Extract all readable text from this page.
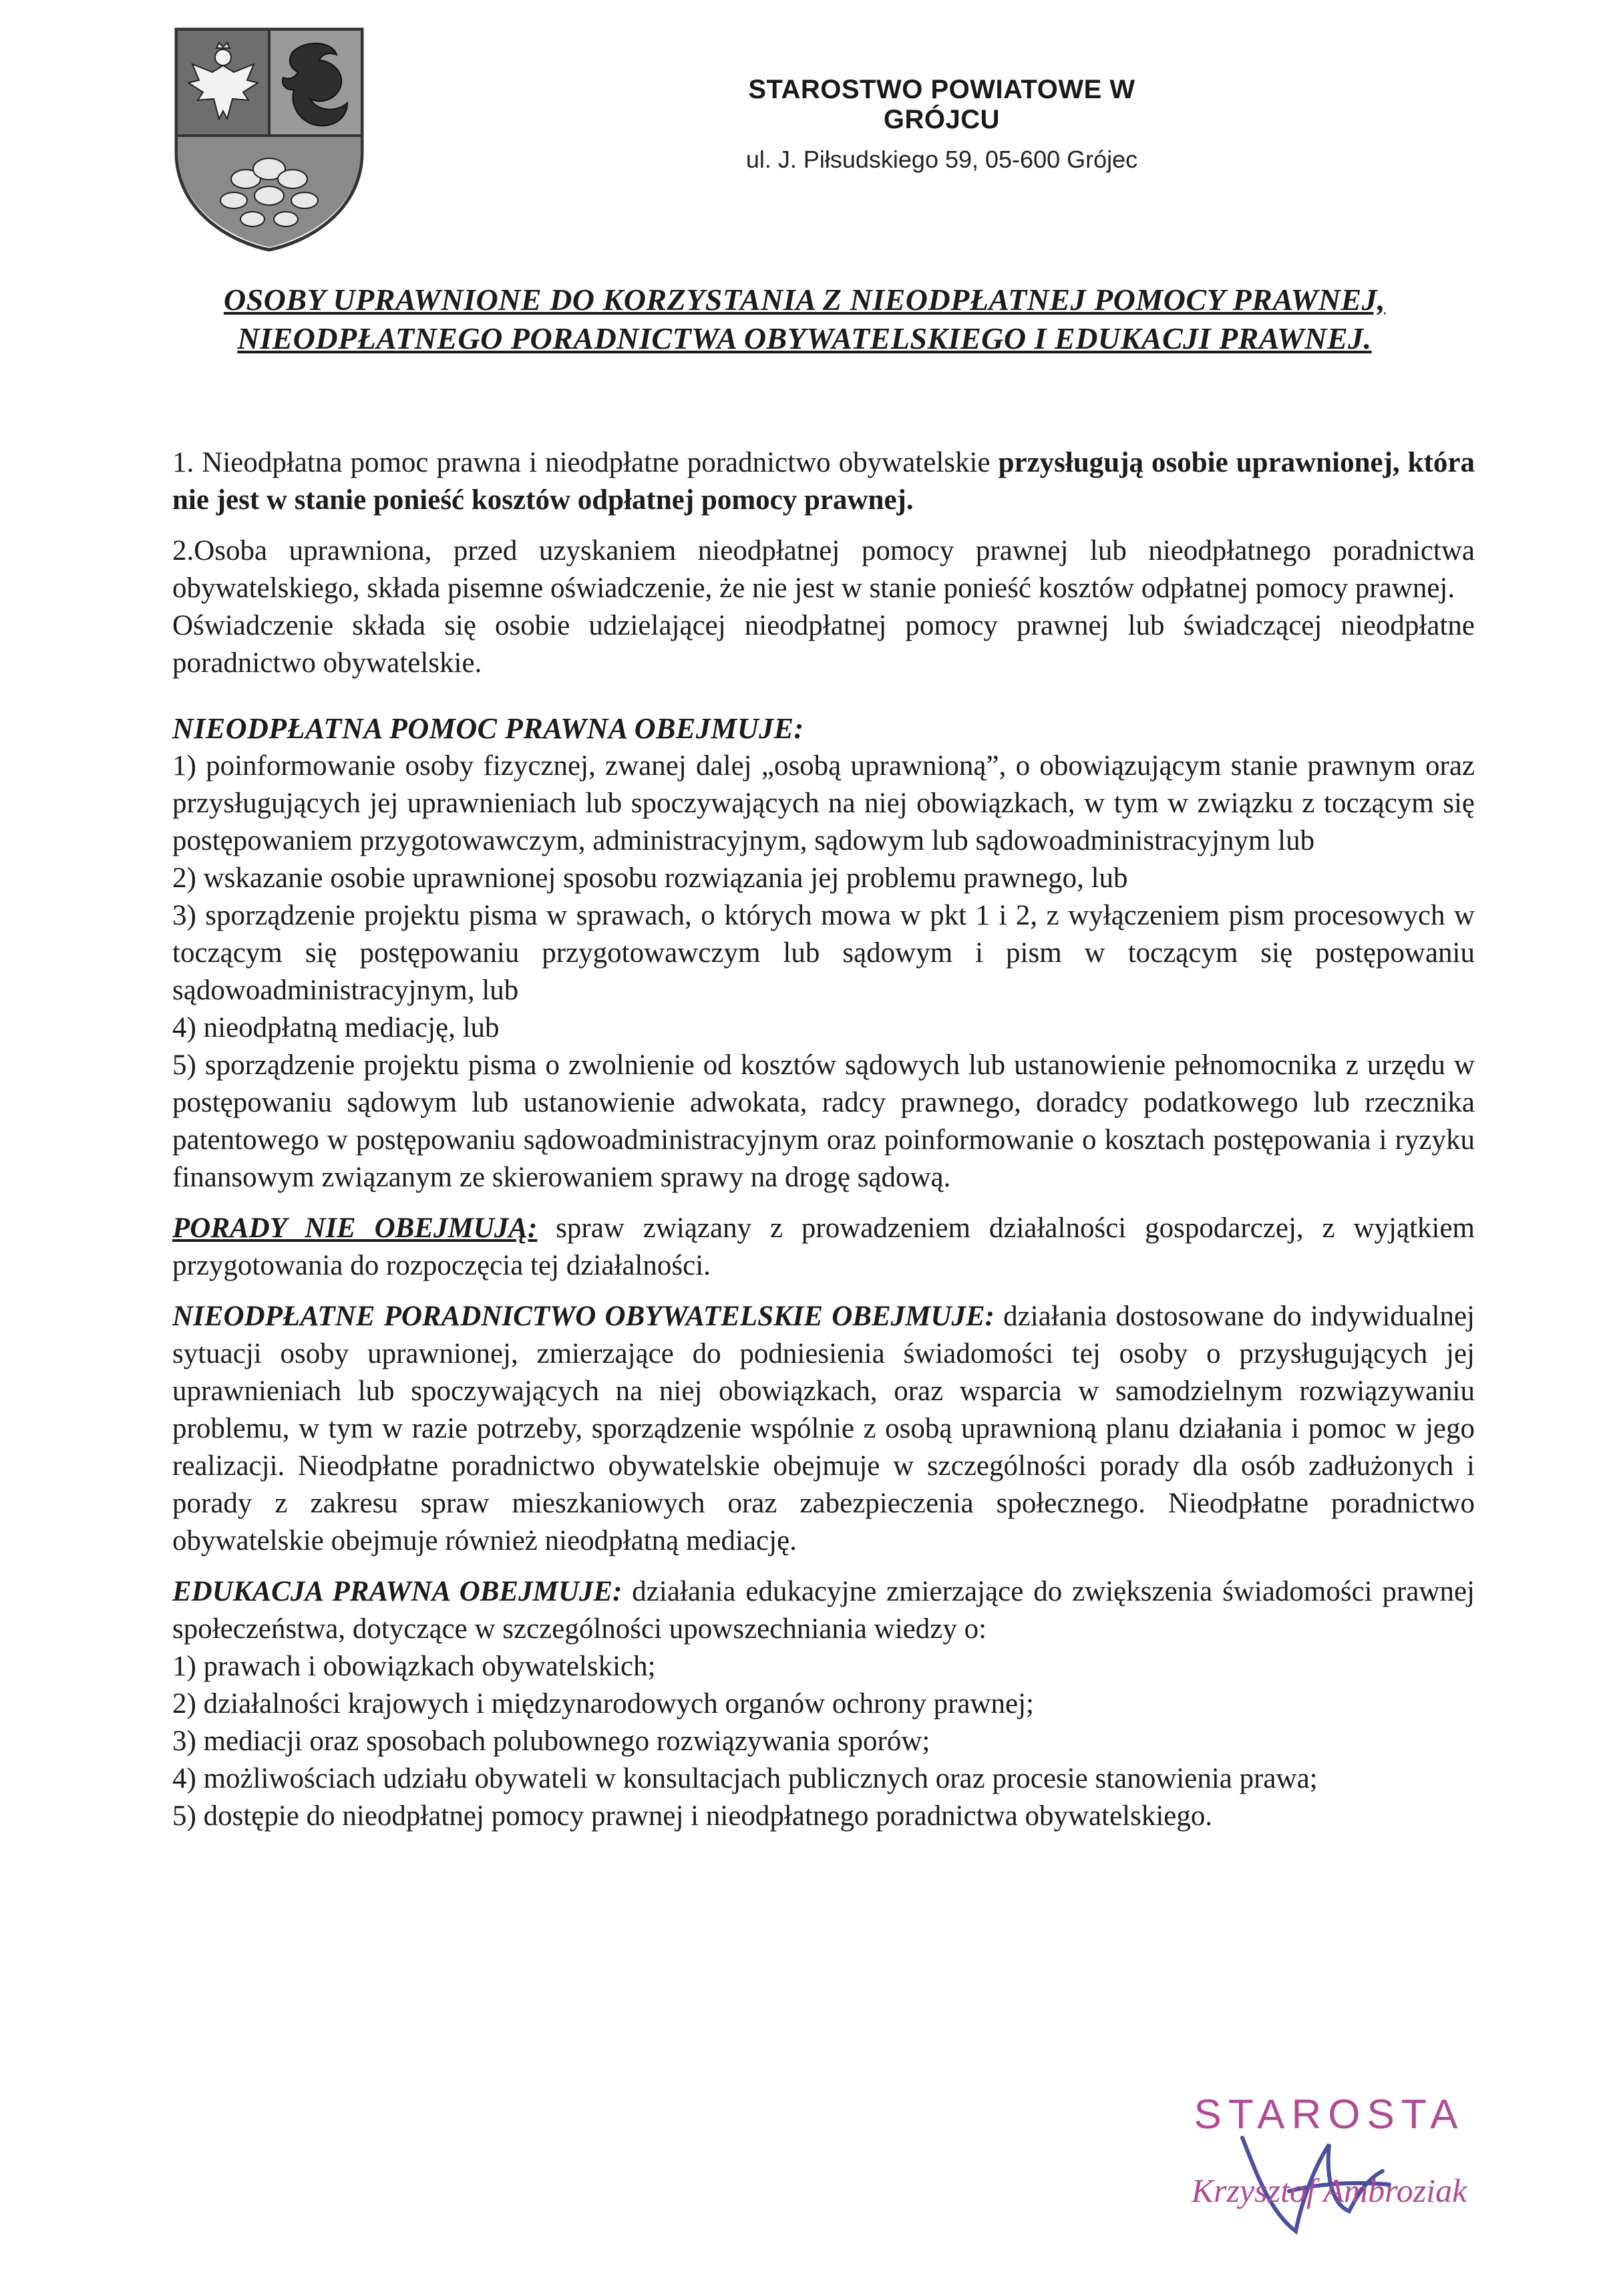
STAROSTWO POWIATOWE W GRÓJCU
ul. J. Piłsudskiego 59, 05-600 Grójec
OSOBY UPRAWNIONE DO KORZYSTANIA Z NIEODPŁATNEJ POMOCY PRAWNEJ,
NIEODPŁATNEGO PORADNICTWA OBYWATELSKIEGO I EDUKACJI PRAWNEJ.

1. Nieodpłatna pomoc prawna i nieodpłatne poradnictwo obywatelskie przysługują osobie uprawnionej, która nie jest w stanie ponieść kosztów odpłatnej pomocy prawnej.

2.Osoba uprawniona, przed uzyskaniem nieodpłatnej pomocy prawnej lub nieodpłatnego poradnictwa obywatelskiego, składa pisemne oświadczenie, że nie jest w stanie ponieść kosztów odpłatnej pomocy prawnej.

Oświadczenie składa się osobie udzielającej nieodpłatnej pomocy prawnej lub świadczącej nieodpłatne poradnictwo obywatelskie.

NIEODPŁATNA POMOC PRAWNA OBEJMUJE:

1) poinformowanie osoby fizycznej, zwanej dalej „osobą uprawnioną”, o obowiązującym stanie prawnym oraz przysługujących jej uprawnieniach lub spoczywających na niej obowiązkach, w tym w związku z toczącym się postępowaniem przygotowawczym, administracyjnym, sądowym lub sądowoadministracyjnym lub
2) wskazanie osobie uprawnionej sposobu rozwiązania jej problemu prawnego, lub
3) sporządzenie projektu pisma w sprawach, o których mowa w pkt 1 i 2, z wyłączeniem pism procesowych w toczącym się postępowaniu przygotowawczym lub sądowym i pism w toczącym się postępowaniu sądowoadministracyjnym, lub
4) nieodpłatną mediację, lub
5) sporządzenie projektu pisma o zwolnienie od kosztów sądowych lub ustanowienie pełnomocnika z urzędu w postępowaniu sądowym lub ustanowienie adwokata, radcy prawnego, doradcy podatkowego lub rzecznika patentowego w postępowaniu sądowoadministracyjnym oraz poinformowanie o kosztach postępowania i ryzyku finansowym związanym ze skierowaniem sprawy na drogę sądową.

PORADY NIE OBEJMUJĄ: spraw związany z prowadzeniem działalności gospodarczej, z wyjątkiem przygotowania do rozpoczęcia tej działalności.

NIEODPŁATNE PORADNICTWO OBYWATELSKIE OBEJMUJE: działania dostosowane do indywidualnej sytuacji osoby uprawnionej, zmierzające do podniesienia świadomości tej osoby o przysługujących jej uprawnieniach lub spoczywających na niej obowiązkach, oraz wsparcia w samodzielnym rozwiązywaniu problemu, w tym w razie potrzeby, sporządzenie wspólnie z osobą uprawnioną planu działania i pomoc w jego realizacji. Nieodpłatne poradnictwo obywatelskie obejmuje w szczególności porady dla osób zadłużonych i porady z zakresu spraw mieszkaniowych oraz zabezpieczenia społecznego. Nieodpłatne poradnictwo obywatelskie obejmuje również nieodpłatną mediację.

EDUKACJA PRAWNA OBEJMUJE: działania edukacyjne zmierzające do zwiększenia świadomości prawnej społeczeństwa, dotyczące w szczególności upowszechniania wiedzy o:

1) prawach i obowiązkach obywatelskich;
2) działalności krajowych i międzynarodowych organów ochrony prawnej;
3) mediacji oraz sposobach polubownego rozwiązywania sporów;
4) możliwościach udziału obywateli w konsultacjach publicznych oraz procesie stanowienia prawa;
5) dostępie do nieodpłatnej pomocy prawnej i nieodpłatnego poradnictwa obywatelskiego.
STAROSTA
Krzysztof Ambroziak
